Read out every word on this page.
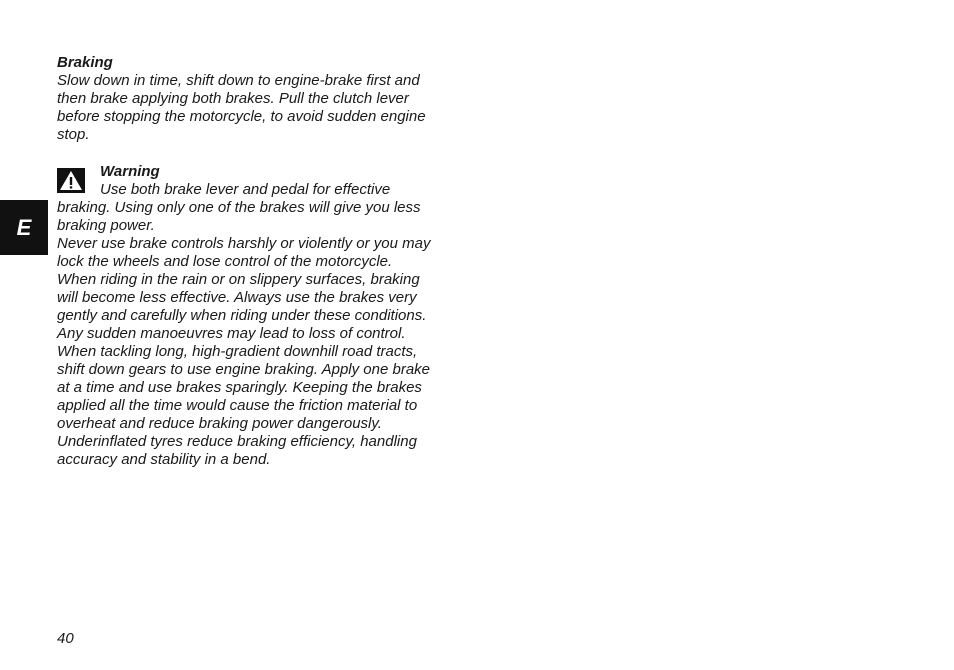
E
Braking
Slow down in time, shift down to engine-brake first and
then brake applying both brakes. Pull the clutch lever
before stopping the motorcycle, to avoid sudden engine
stop.
Warning
Use both brake lever and pedal for effective
braking. Using only one of the brakes will give you less
braking power.
Never use brake controls harshly or violently or you may
lock the wheels and lose control of the motorcycle.
When riding in the rain or on slippery surfaces, braking
will become less effective. Always use the brakes very
gently and carefully when riding under these conditions.
Any sudden manoeuvres may lead to loss of control.
When tackling long, high-gradient downhill road tracts,
shift down gears to use engine braking. Apply one brake
at a time and use brakes sparingly. Keeping the brakes
applied all the time would cause the friction material to
overheat and reduce braking power dangerously.
Underinflated tyres reduce braking efficiency, handling
accuracy and stability in a bend.
40
